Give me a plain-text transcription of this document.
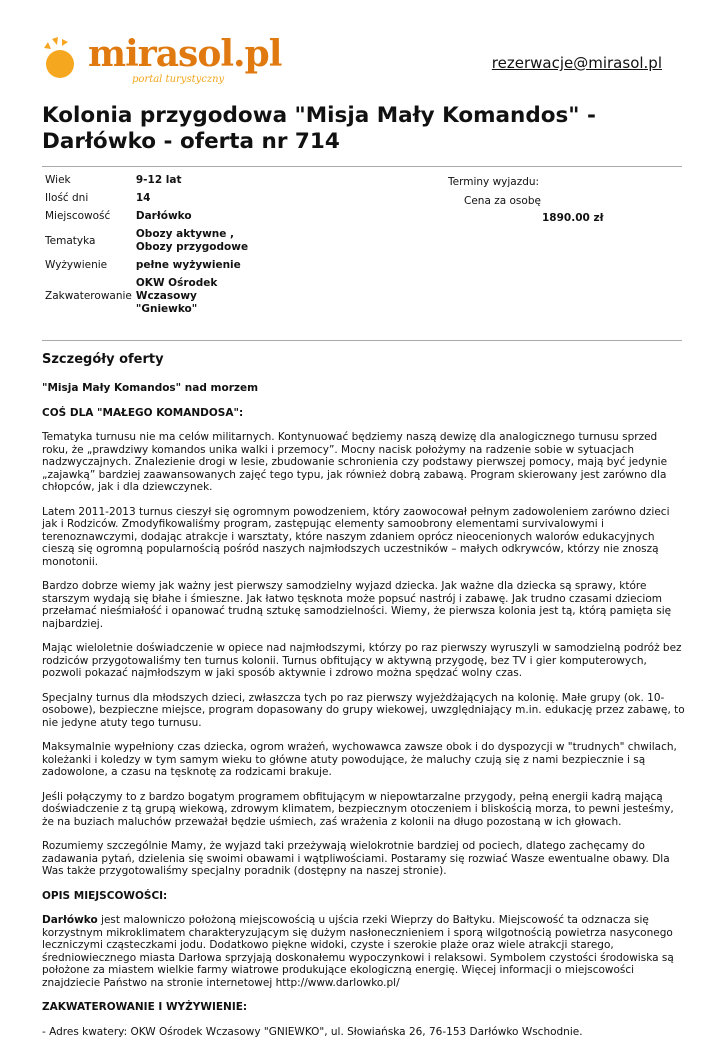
mirasol.pl
portal turystyczny
rezerwacje@mirasol.pl
Kolonia przygodowa "Misja Mały Komandos" - Darłówko - oferta nr 714
Wiek	9-12 lat
Ilość dni	14
Miejscowość	Darłówko
Tematyka	Obozy aktywne , Obozy przygodowe
Wyżywienie	pełne wyżywienie
Zakwaterowanie	OKW Ośrodek Wczasowy "Gniewko"
Terminy wyjazdu:
Cena za osobę
1890.00 zł
Szczegóły oferty

"Misja Mały Komandos" nad morzem

COŚ DLA "MAŁEGO KOMANDOSA":

Tematyka turnusu nie ma celów militarnych. Kontynuować będziemy naszą dewizę dla analogicznego turnusu sprzed roku, że „prawdziwy komandos unika walki i przemocy”. Mocny nacisk położymy na radzenie sobie w sytuacjach nadzwyczajnych. Znalezienie drogi w lesie, zbudowanie schronienia czy podstawy pierwszej pomocy, mają być jedynie „zajawką” bardziej zaawansowanych zajęć tego typu, jak również dobrą zabawą. Program skierowany jest zarówno dla chłopców, jak i dla dziewczynek.

Latem 2011-2013 turnus cieszył się ogromnym powodzeniem, który zaowocował pełnym zadowoleniem zarówno dzieci jak i Rodziców. Zmodyfikowaliśmy program, zastępując elementy samoobrony elementami survivalowymi i terenoznawczymi, dodając atrakcje i warsztaty, które naszym zdaniem oprócz nieocenionych walorów edukacyjnych cieszą się ogromną popularnością pośród naszych najmłodszych uczestników – małych odkrywców, którzy nie znoszą monotonii.

Bardzo dobrze wiemy jak ważny jest pierwszy samodzielny wyjazd dziecka. Jak ważne dla dziecka są sprawy, które starszym wydają się błahe i śmieszne. Jak łatwo tęsknota może popsuć nastrój i zabawę. Jak trudno czasami dzieciom przełamać nieśmiałość i opanować trudną sztukę samodzielności. Wiemy, że pierwsza kolonia jest tą, którą pamięta się najbardziej.

Mając wieloletnie doświadczenie w opiece nad najmłodszymi, którzy po raz pierwszy wyruszyli w samodzielną podróż bez rodziców przygotowaliśmy ten turnus kolonii. Turnus obfitujący w aktywną przygodę, bez TV i gier komputerowych, pozwoli pokazać najmłodszym w jaki sposób aktywnie i zdrowo można spędzać wolny czas.

Specjalny turnus dla młodszych dzieci, zwłaszcza tych po raz pierwszy wyjeżdżających na kolonię. Małe grupy (ok. 10-osobowe), bezpieczne miejsce, program dopasowany do grupy wiekowej, uwzględniający m.in. edukację przez zabawę, to nie jedyne atuty tego turnusu.

Maksymalnie wypełniony czas dziecka, ogrom wrażeń, wychowawca zawsze obok i do dyspozycji w "trudnych" chwilach, koleżanki i koledzy w tym samym wieku to główne atuty powodujące, że maluchy czują się z nami bezpiecznie i są zadowolone, a czasu na tęsknotę za rodzicami brakuje.

Jeśli połączymy to z bardzo bogatym programem obfitującym w niepowtarzalne przygody, pełną energii kadrą mającą doświadczenie z tą grupą wiekową, zdrowym klimatem, bezpiecznym otoczeniem i bliskością morza, to pewni jesteśmy, że na buziach maluchów przeważał będzie uśmiech, zaś wrażenia z kolonii na długo pozostaną w ich głowach.

Rozumiemy szczególnie Mamy, że wyjazd taki przeżywają wielokrotnie bardziej od pociech, dlatego zachęcamy do zadawania pytań, dzielenia się swoimi obawami i wątpliwościami. Postaramy się rozwiać Wasze ewentualne obawy. Dla Was także przygotowaliśmy specjalny poradnik (dostępny na naszej stronie).

OPIS MIEJSCOWOŚCI:

Darłówko jest malowniczo położoną miejscowością u ujścia rzeki Wieprzy do Bałtyku. Miejscowość ta odznacza się korzystnym mikroklimatem charakteryzującym się dużym nasłonecznieniem i sporą wilgotnością powietrza nasyconego leczniczymi cząsteczkami jodu. Dodatkowo piękne widoki, czyste i szerokie plaże oraz wiele atrakcji starego, średniowiecznego miasta Darłowa sprzyjają doskonałemu wypoczynkowi i relaksowi. Symbolem czystości środowiska są położone za miastem wielkie farmy wiatrowe produkujące ekologiczną energię. Więcej informacji o miejscowości znajdziecie Państwo na stronie internetowej http://www.darlowko.pl/

ZAKWATEROWANIE I WYŻYWIENIE:

- Adres kwatery: OKW Ośrodek Wczasowy "GNIEWKO", ul. Słowiańska 26, 76-153 Darłówko Wschodnie.
